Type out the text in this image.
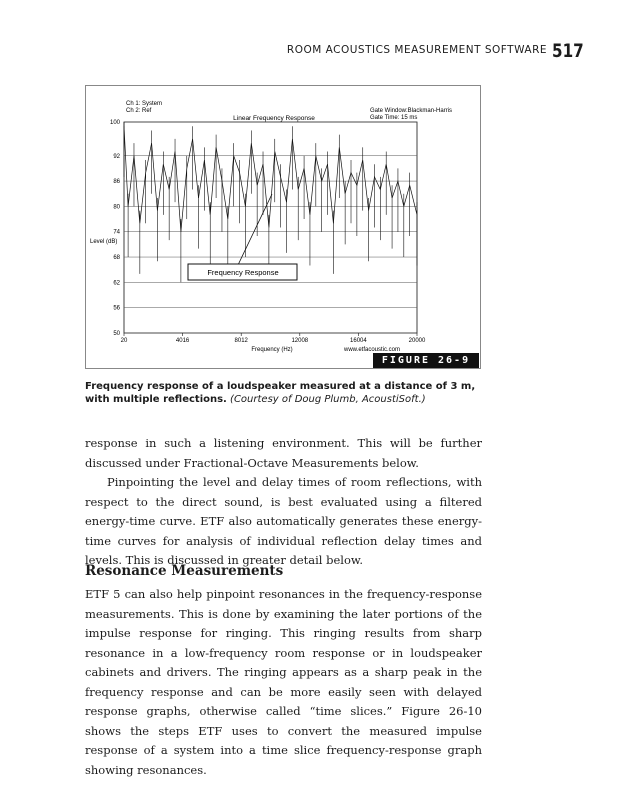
ROOM ACOUSTICS MEASUREMENT SOFTWARE 517
Ch 1: System
Ch 2: Ref	Gate Window:Blackman-Harris
Gate Time: 15 ms
Linear Frequency Response
Level (dB)
Frequency (Hz)	www.etfacoustic.com
100
92
86
80
74
68
62
56
50
20	4016	8012	12008	16004	20000
Frequency Response
FIGURE 26-9
Frequency response of a loudspeaker measured at a distance of 3 m, with multiple reflections. (Courtesy of Doug Plumb, AcoustiSoft.)

response in such a listening environment. This will be further discussed under Fractional-Octave Measurements below.

Pinpointing the level and delay times of room reflections, with respect to the direct sound, is best evaluated using a filtered energy-time curve. ETF also automatically generates these energy-time curves for analysis of individual reflection delay times and levels. This is discussed in greater detail below.

Resonance Measurements

ETF 5 can also help pinpoint resonances in the frequency-response measurements. This is done by examining the later portions of the impulse response for ringing. This ringing results from sharp resonance in a low-frequency room response or in loudspeaker cabinets and drivers. The ringing appears as a sharp peak in the frequency response and can be more easily seen with delayed response graphs, otherwise called “time slices.” Figure 26-10 shows the steps ETF uses to convert the measured impulse response of a system into a time slice frequency-response graph showing resonances.
